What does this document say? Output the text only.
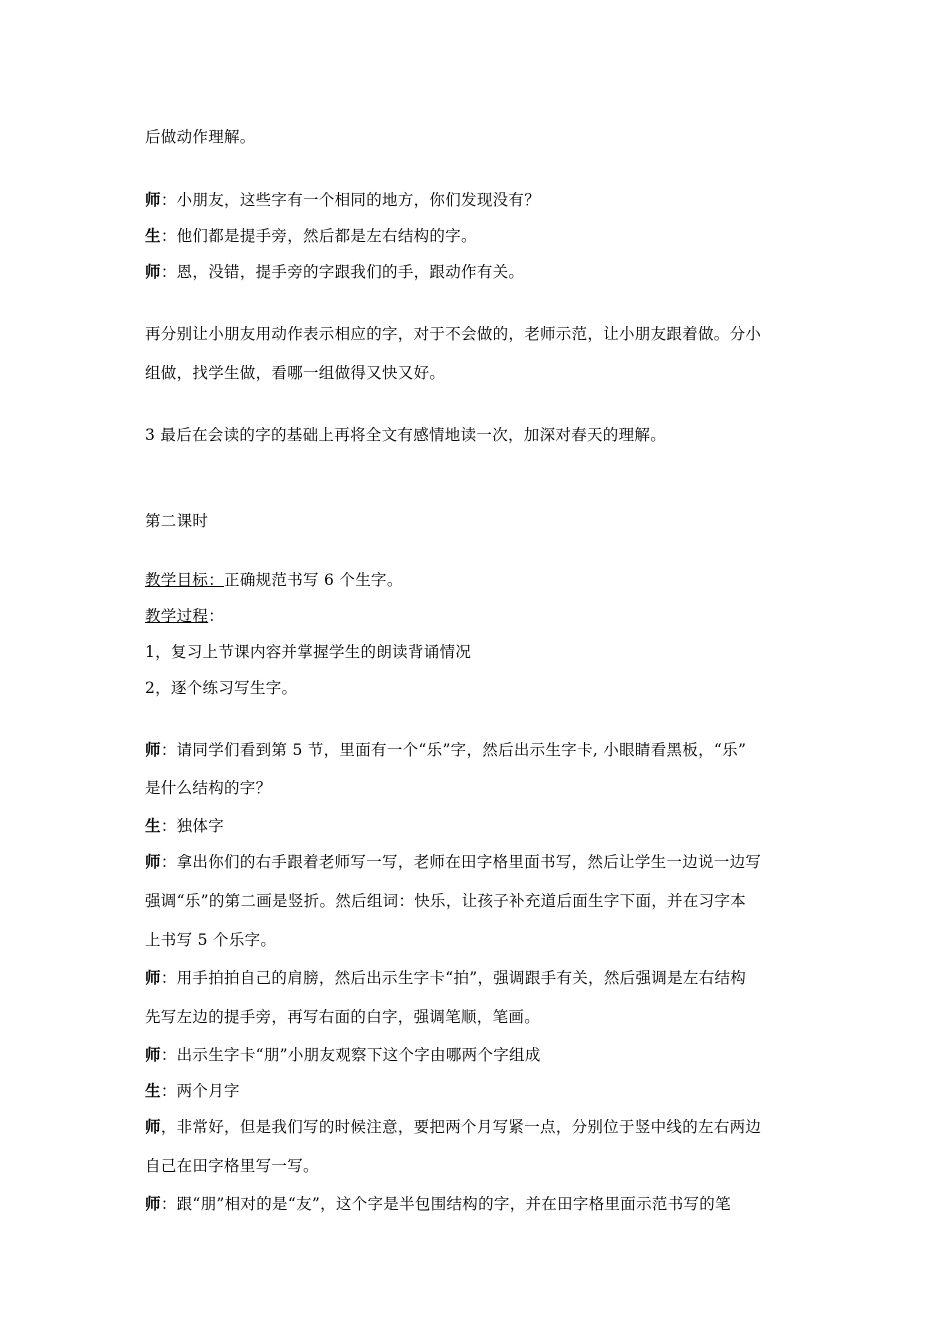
后做动作理解。
师：小朋友，这些字有一个相同的地方，你们发现没有？
生：他们都是提手旁，然后都是左右结构的字。
师：恩，没错，提手旁的字跟我们的手，跟动作有关。
再分别让小朋友用动作表示相应的字，对于不会做的，老师示范，让小朋友跟着做。分小
组做，找学生做，看哪一组做得又快又好。
3 最后在会读的字的基础上再将全文有感情地读一次，加深对春天的理解。
第二课时
教学目标：正确规范书写 6 个生字。
教学过程：
1，复习上节课内容并掌握学生的朗读背诵情况
2，逐个练习写生字。
师：请同学们看到第 5 节，里面有一个“乐”字，然后出示生字卡, 小眼睛看黑板，“乐”
是什么结构的字？
生：独体字
师：拿出你们的右手跟着老师写一写，老师在田字格里面书写，然后让学生一边说一边写
强调“乐”的第二画是竖折。然后组词：快乐，让孩子补充道后面生字下面，并在习字本
上书写 5 个乐字。
师：用手拍拍自己的肩膀，然后出示生字卡“拍”，强调跟手有关，然后强调是左右结构
先写左边的提手旁，再写右面的白字，强调笔顺，笔画。
师：出示生字卡“朋”小朋友观察下这个字由哪两个字组成
生：两个月字
师，非常好，但是我们写的时候注意，要把两个月写紧一点，分别位于竖中线的左右两边
自己在田字格里写一写。
师：跟“朋”相对的是“友”，这个字是半包围结构的字，并在田字格里面示范书写的笔
